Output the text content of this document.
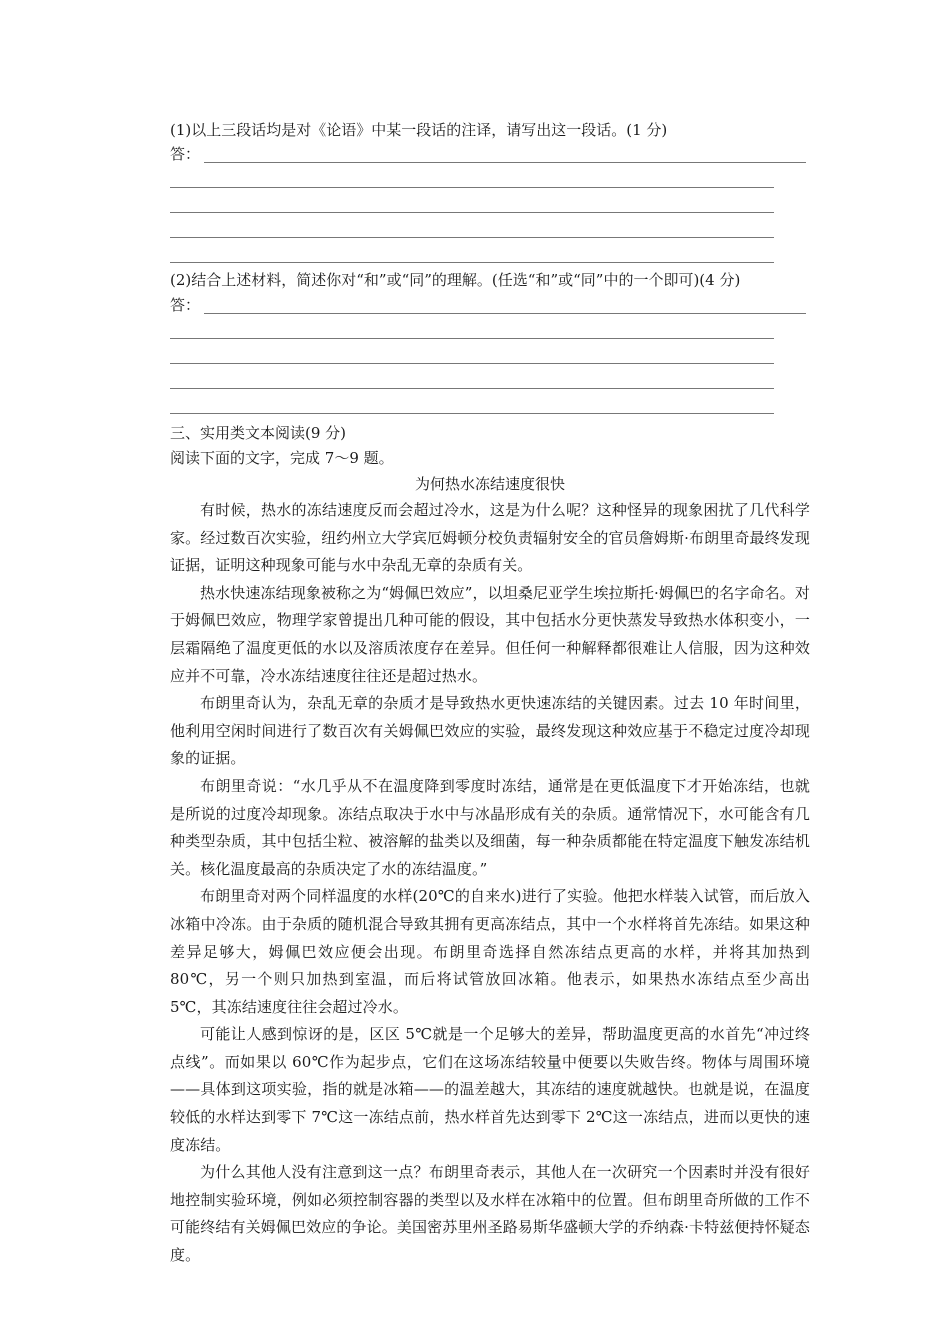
(1)以上三段话均是对《论语》中某一段话的注译，请写出这一段话。(1 分)

答：

(2)结合上述材料，简述你对“和”或“同”的理解。(任选“和”或“同”中的一个即可)(4 分)

答：

三、实用类文本阅读(9 分)

阅读下面的文字，完成 7～9 题。

为何热水冻结速度很快

有时候，热水的冻结速度反而会超过冷水，这是为什么呢？这种怪异的现象困扰了几代科学家。经过数百次实验，纽约州立大学宾厄姆顿分校负责辐射安全的官员詹姆斯·布朗里奇最终发现证据，证明这种现象可能与水中杂乱无章的杂质有关。

热水快速冻结现象被称之为“姆佩巴效应”，以坦桑尼亚学生埃拉斯托·姆佩巴的名字命名。对于姆佩巴效应，物理学家曾提出几种可能的假设，其中包括水分更快蒸发导致热水体积变小，一层霜隔绝了温度更低的水以及溶质浓度存在差异。但任何一种解释都很难让人信服，因为这种效应并不可靠，冷水冻结速度往往还是超过热水。

布朗里奇认为，杂乱无章的杂质才是导致热水更快速冻结的关键因素。过去 10 年时间里，他利用空闲时间进行了数百次有关姆佩巴效应的实验，最终发现这种效应基于不稳定过度冷却现象的证据。

布朗里奇说：“水几乎从不在温度降到零度时冻结，通常是在更低温度下才开始冻结，也就是所说的过度冷却现象。冻结点取决于水中与冰晶形成有关的杂质。通常情况下，水可能含有几种类型杂质，其中包括尘粒、被溶解的盐类以及细菌，每一种杂质都能在特定温度下触发冻结机关。核化温度最高的杂质决定了水的冻结温度。”

布朗里奇对两个同样温度的水样(20℃的自来水)进行了实验。他把水样装入试管，而后放入冰箱中冷冻。由于杂质的随机混合导致其拥有更高冻结点，其中一个水样将首先冻结。如果这种差异足够大，姆佩巴效应便会出现。布朗里奇选择自然冻结点更高的水样，并将其加热到 80℃，另一个则只加热到室温，而后将试管放回冰箱。他表示，如果热水冻结点至少高出 5℃，其冻结速度往往会超过冷水。

可能让人感到惊讶的是，区区 5℃就是一个足够大的差异，帮助温度更高的水首先“冲过终点线”。而如果以 60℃作为起步点，它们在这场冻结较量中便要以失败告终。物体与周围环境——具体到这项实验，指的就是冰箱——的温差越大，其冻结的速度就越快。也就是说，在温度较低的水样达到零下 7℃这一冻结点前，热水样首先达到零下 2℃这一冻结点，进而以更快的速度冻结。

为什么其他人没有注意到这一点？布朗里奇表示，其他人在一次研究一个因素时并没有很好地控制实验环境，例如必须控制容器的类型以及水样在冰箱中的位置。但布朗里奇所做的工作不可能终结有关姆佩巴效应的争论。美国密苏里州圣路易斯华盛顿大学的乔纳森·卡特兹便持怀疑态度。
